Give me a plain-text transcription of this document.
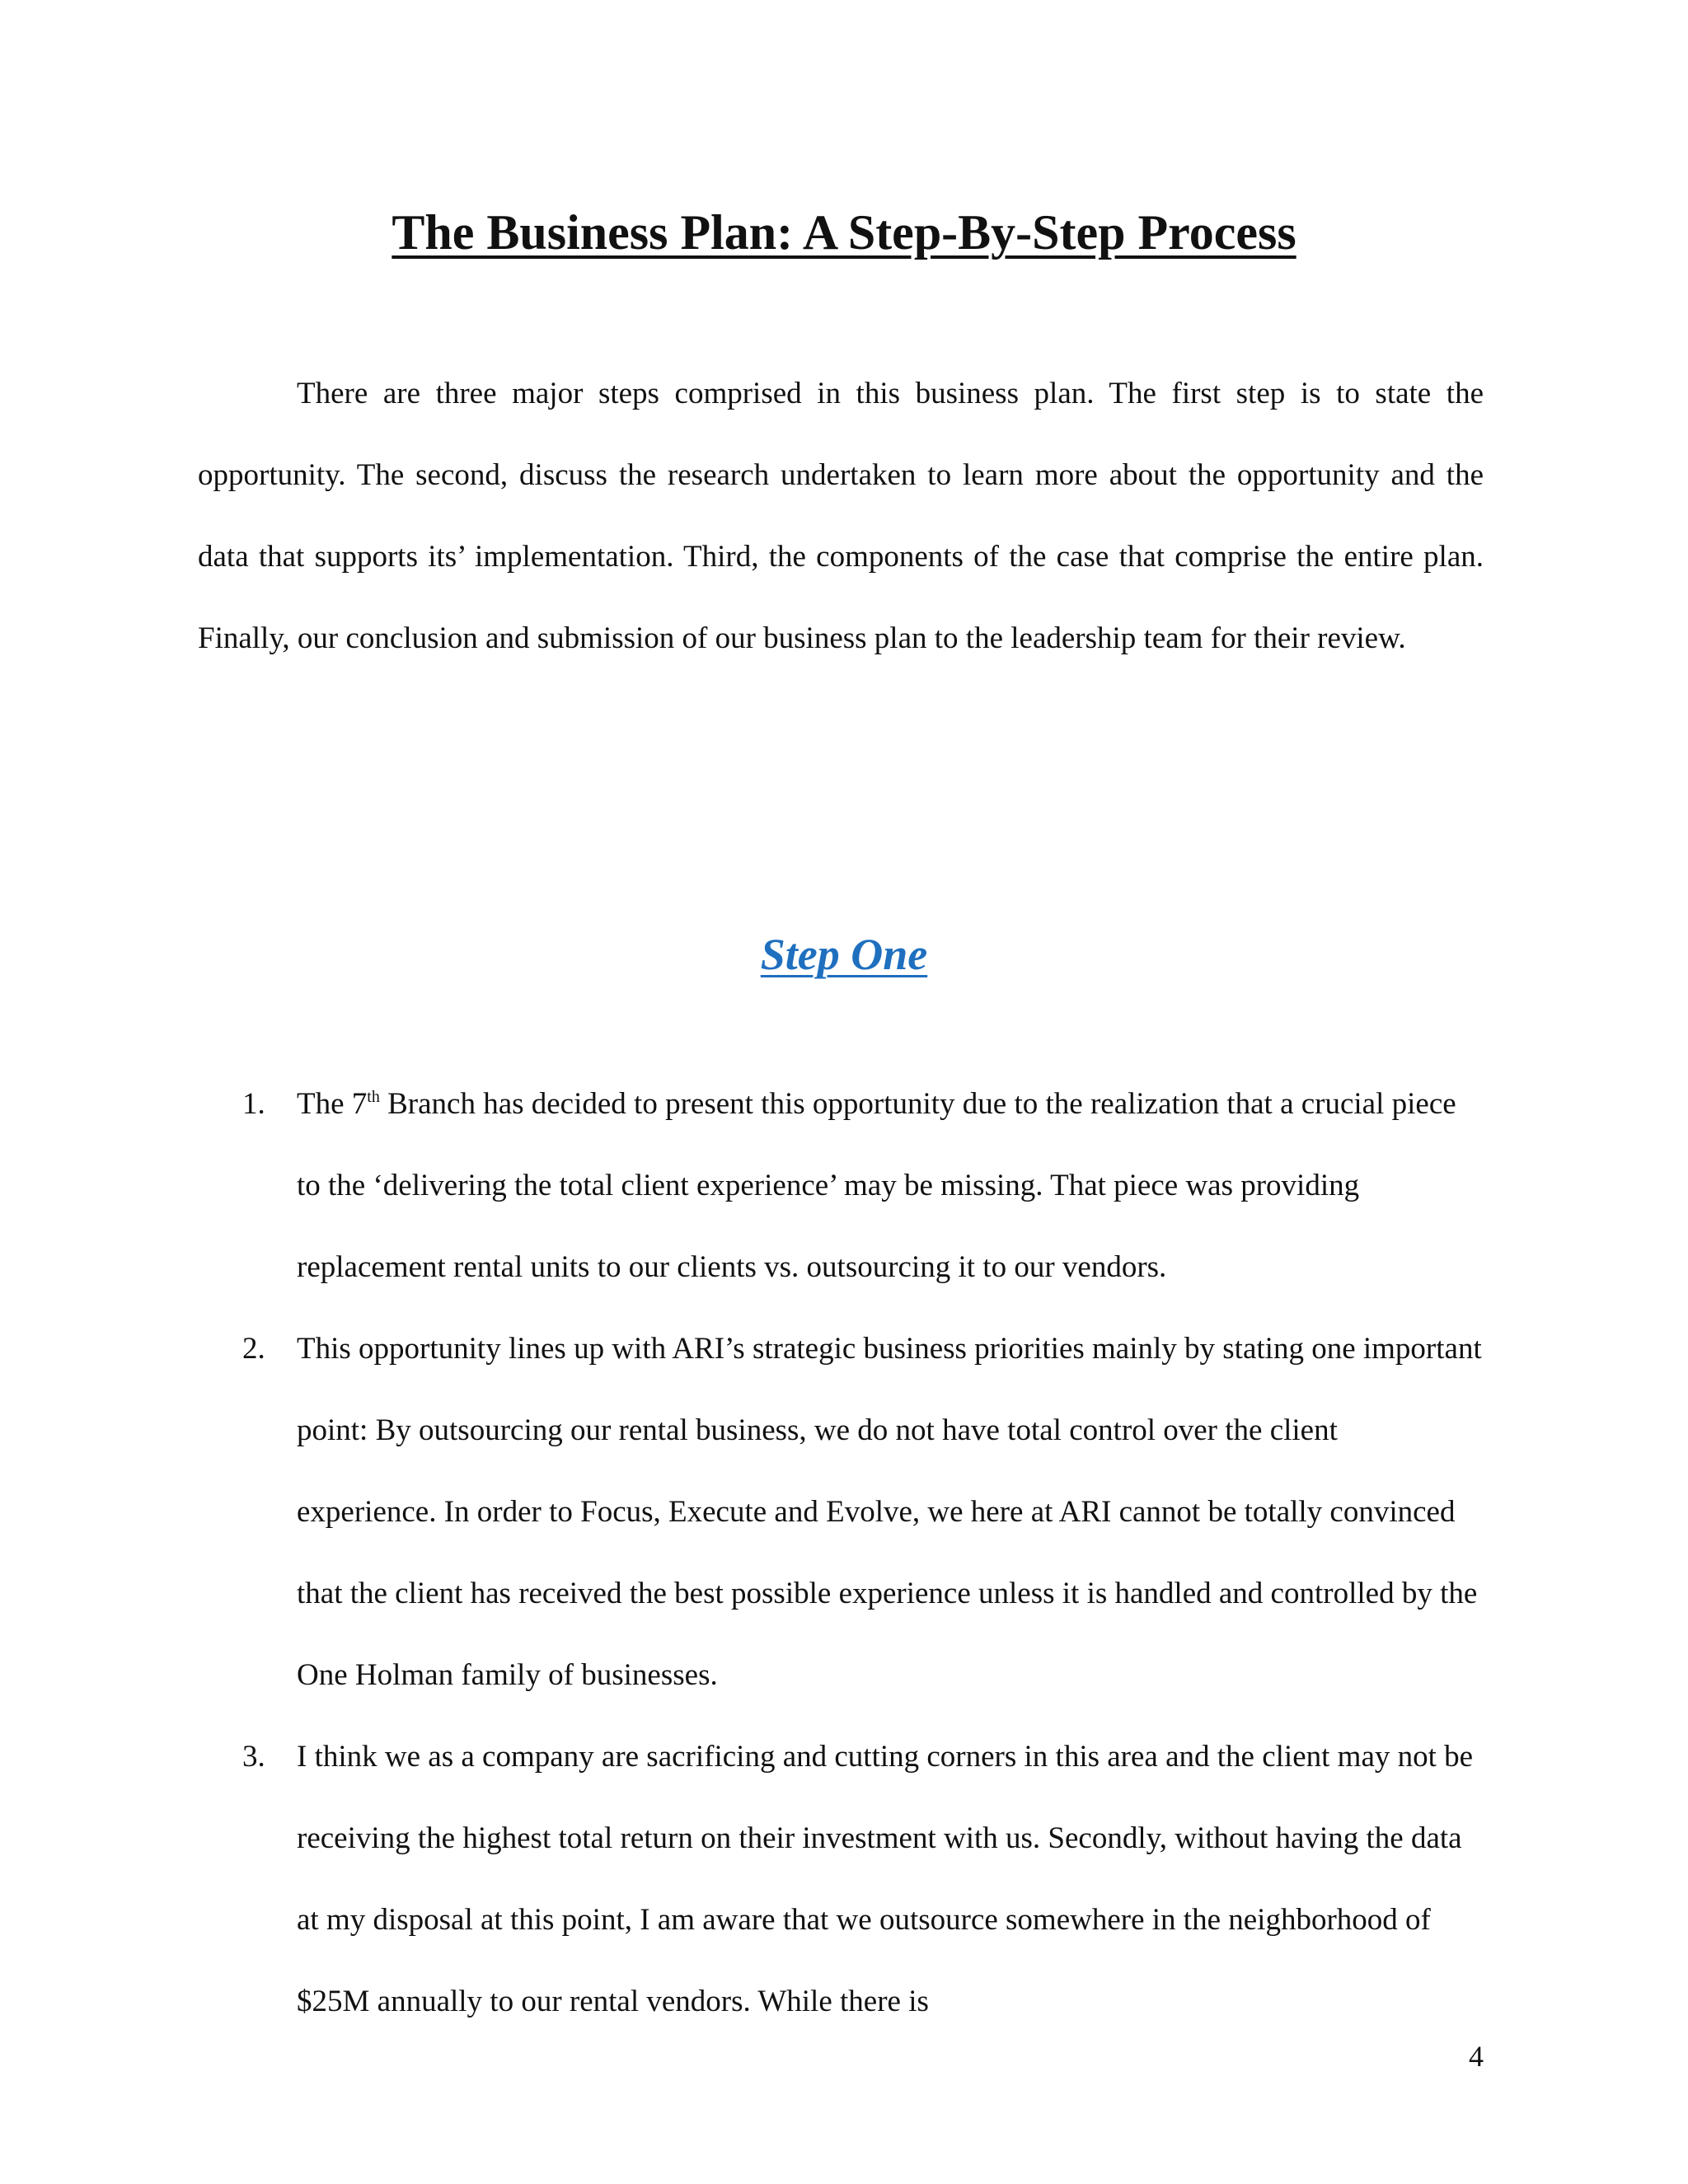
The Business Plan: A Step-By-Step Process

There are three major steps comprised in this business plan. The first step is to state the opportunity. The second, discuss the research undertaken to learn more about the opportunity and the data that supports its’ implementation. Third, the components of the case that comprise the entire plan. Finally, our conclusion and submission of our business plan to the leadership team for their review.

Step One
1. The 7th Branch has decided to present this opportunity due to the realization that a crucial piece to the ‘delivering the total client experience’ may be missing. That piece was providing replacement rental units to our clients vs. outsourcing it to our vendors.
2. This opportunity lines up with ARI’s strategic business priorities mainly by stating one important point: By outsourcing our rental business, we do not have total control over the client experience. In order to Focus, Execute and Evolve, we here at ARI cannot be totally convinced that the client has received the best possible experience unless it is handled and controlled by the One Holman family of businesses.
3. I think we as a company are sacrificing and cutting corners in this area and the client may not be receiving the highest total return on their investment with us. Secondly, without having the data at my disposal at this point, I am aware that we outsource somewhere in the neighborhood of $25M annually to our rental vendors. While there is
4
